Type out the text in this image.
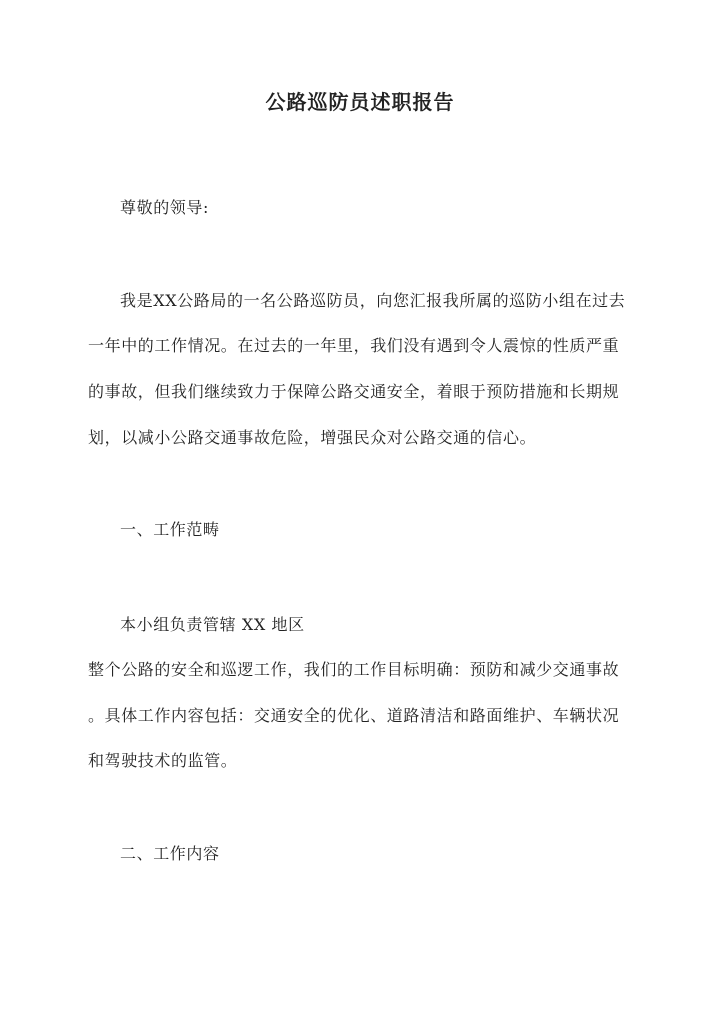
公路巡防员述职报告

尊敬的领导:

我是XX公路局的一名公路巡防员，向您汇报我所属的巡防小组在过去

一年中的工作情况。在过去的一年里，我们没有遇到令人震惊的性质严重

的事故，但我们继续致力于保障公路交通安全，着眼于预防措施和长期规

划，以减小公路交通事故危险，增强民众对公路交通的信心。

一、工作范畴

本小组负责管辖 XX 地区

整个公路的安全和巡逻工作，我们的工作目标明确：预防和减少交通事故

。具体工作内容包括：交通安全的优化、道路清洁和路面维护、车辆状况

和驾驶技术的监管。

二、工作内容
